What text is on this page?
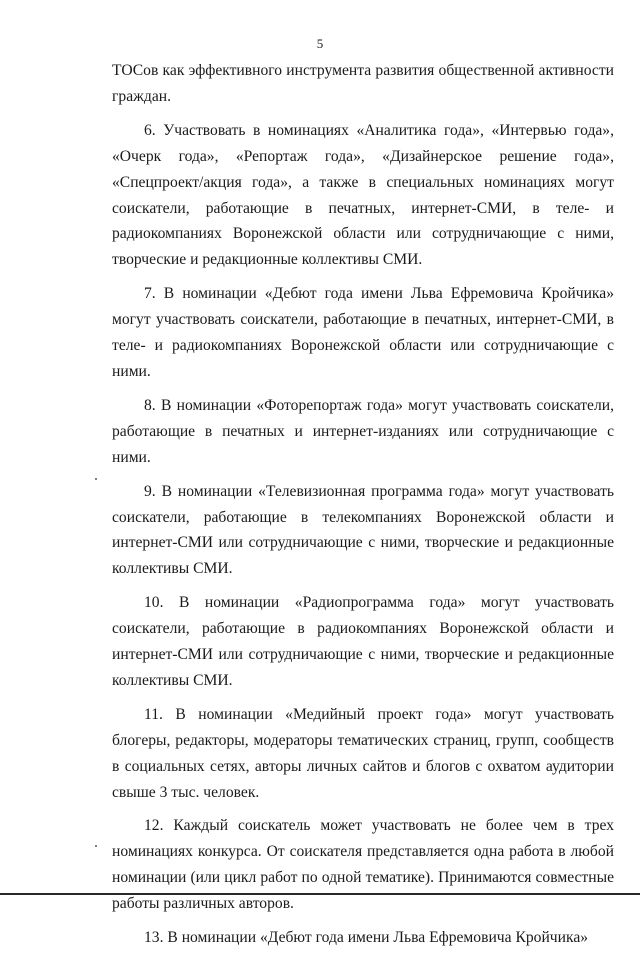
5

ТОСов как эффективного инструмента развития общественной активности граждан.

6. Участвовать в номинациях «Аналитика года», «Интервью года», «Очерк года», «Репортаж года», «Дизайнерское решение года», «Спецпроект/акция года», а также в специальных номинациях могут соискатели, работающие в печатных, интернет-СМИ, в теле- и радиокомпаниях Воронежской области или сотрудничающие с ними, творческие и редакционные коллективы СМИ.

7. В номинации «Дебют года имени Льва Ефремовича Кройчика» могут участвовать соискатели, работающие в печатных, интернет-СМИ, в теле- и радиокомпаниях Воронежской области или сотрудничающие с ними.

8. В номинации «Фоторепортаж года» могут участвовать соискатели, работающие в печатных и интернет-изданиях или сотрудничающие с ними.

9. В номинации «Телевизионная программа года» могут участвовать соискатели, работающие в телекомпаниях Воронежской области и интернет-СМИ или сотрудничающие с ними, творческие и редакционные коллективы СМИ.

10. В номинации «Радиопрограмма года» могут участвовать соискатели, работающие в радиокомпаниях Воронежской области и интернет-СМИ или сотрудничающие с ними, творческие и редакционные коллективы СМИ.

11. В номинации «Медийный проект года» могут участвовать блогеры, редакторы, модераторы тематических страниц, групп, сообществ в социальных сетях, авторы личных сайтов и блогов с охватом аудитории свыше 3 тыс. человек.

12. Каждый соискатель может участвовать не более чем в трех номинациях конкурса. От соискателя представляется одна работа в любой номинации (или цикл работ по одной тематике). Принимаются совместные работы различных авторов.

13. В номинации «Дебют года имени Льва Ефремовича Кройчика»
